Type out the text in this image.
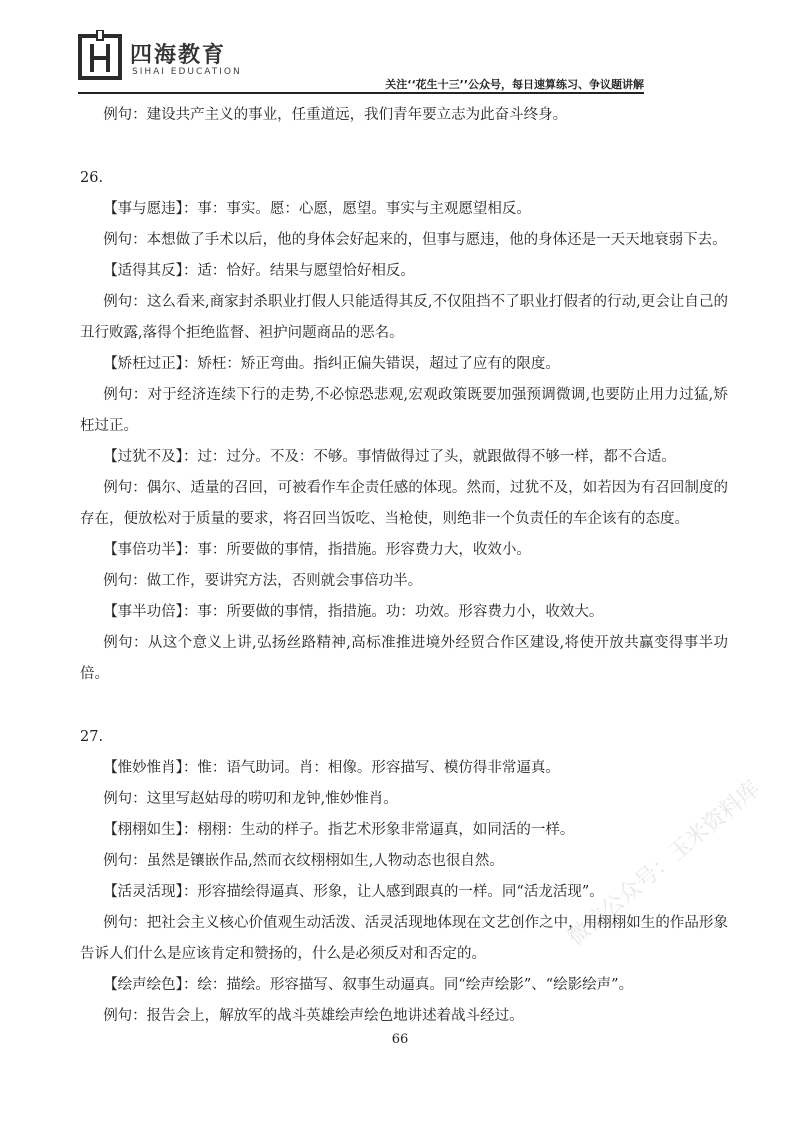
四海教育
SIHAI EDUCATION
关注‘‘花生十三’’公众号，每日速算练习、争议题讲解

例句：建设共产主义的事业，任重道远，我们青年要立志为此奋斗终身。

26.

【事与愿违】：事：事实。愿：心愿，愿望。事实与主观愿望相反。

例句：本想做了手术以后，他的身体会好起来的，但事与愿违，他的身体还是一天天地衰弱下去。

【适得其反】：适：恰好。结果与愿望恰好相反。

例句：这么看来,商家封杀职业打假人只能适得其反,不仅阻挡不了职业打假者的行动,更会让自己的丑行败露,落得个拒绝监督、袒护问题商品的恶名。

【矫枉过正】：矫枉：矫正弯曲。指纠正偏失错误，超过了应有的限度。

例句：对于经济连续下行的走势,不必惊恐悲观,宏观政策既要加强预调微调,也要防止用力过猛,矫枉过正。

【过犹不及】：过：过分。不及：不够。事情做得过了头，就跟做得不够一样，都不合适。

例句：偶尔、适量的召回，可被看作车企责任感的体现。然而，过犹不及，如若因为有召回制度的存在，便放松对于质量的要求，将召回当饭吃、当枪使，则绝非一个负责任的车企该有的态度。

【事倍功半】：事：所要做的事情，指措施。形容费力大，收效小。

例句：做工作，要讲究方法，否则就会事倍功半。

【事半功倍】：事：所要做的事情，指措施。功：功效。形容费力小，收效大。

例句：从这个意义上讲,弘扬丝路精神,高标准推进境外经贸合作区建设,将使开放共赢变得事半功倍。

27.

【惟妙惟肖】：惟：语气助词。肖：相像。形容描写、模仿得非常逼真。

例句：这里写赵姑母的唠叨和龙钟,惟妙惟肖。

【栩栩如生】：栩栩：生动的样子。指艺术形象非常逼真，如同活的一样。

例句：虽然是镶嵌作品,然而衣纹栩栩如生,人物动态也很自然。

【活灵活现】：形容描绘得逼真、形象，让人感到跟真的一样。同“活龙活现”。

例句：把社会主义核心价值观生动活泼、活灵活现地体现在文艺创作之中，用栩栩如生的作品形象告诉人们什么是应该肯定和赞扬的，什么是必须反对和否定的。

【绘声绘色】：绘：描绘。形容描写、叙事生动逼真。同“绘声绘影”、“绘影绘声”。

例句：报告会上，解放军的战斗英雄绘声绘色地讲述着战斗经过。

微信公众号：玉米资料库
66
